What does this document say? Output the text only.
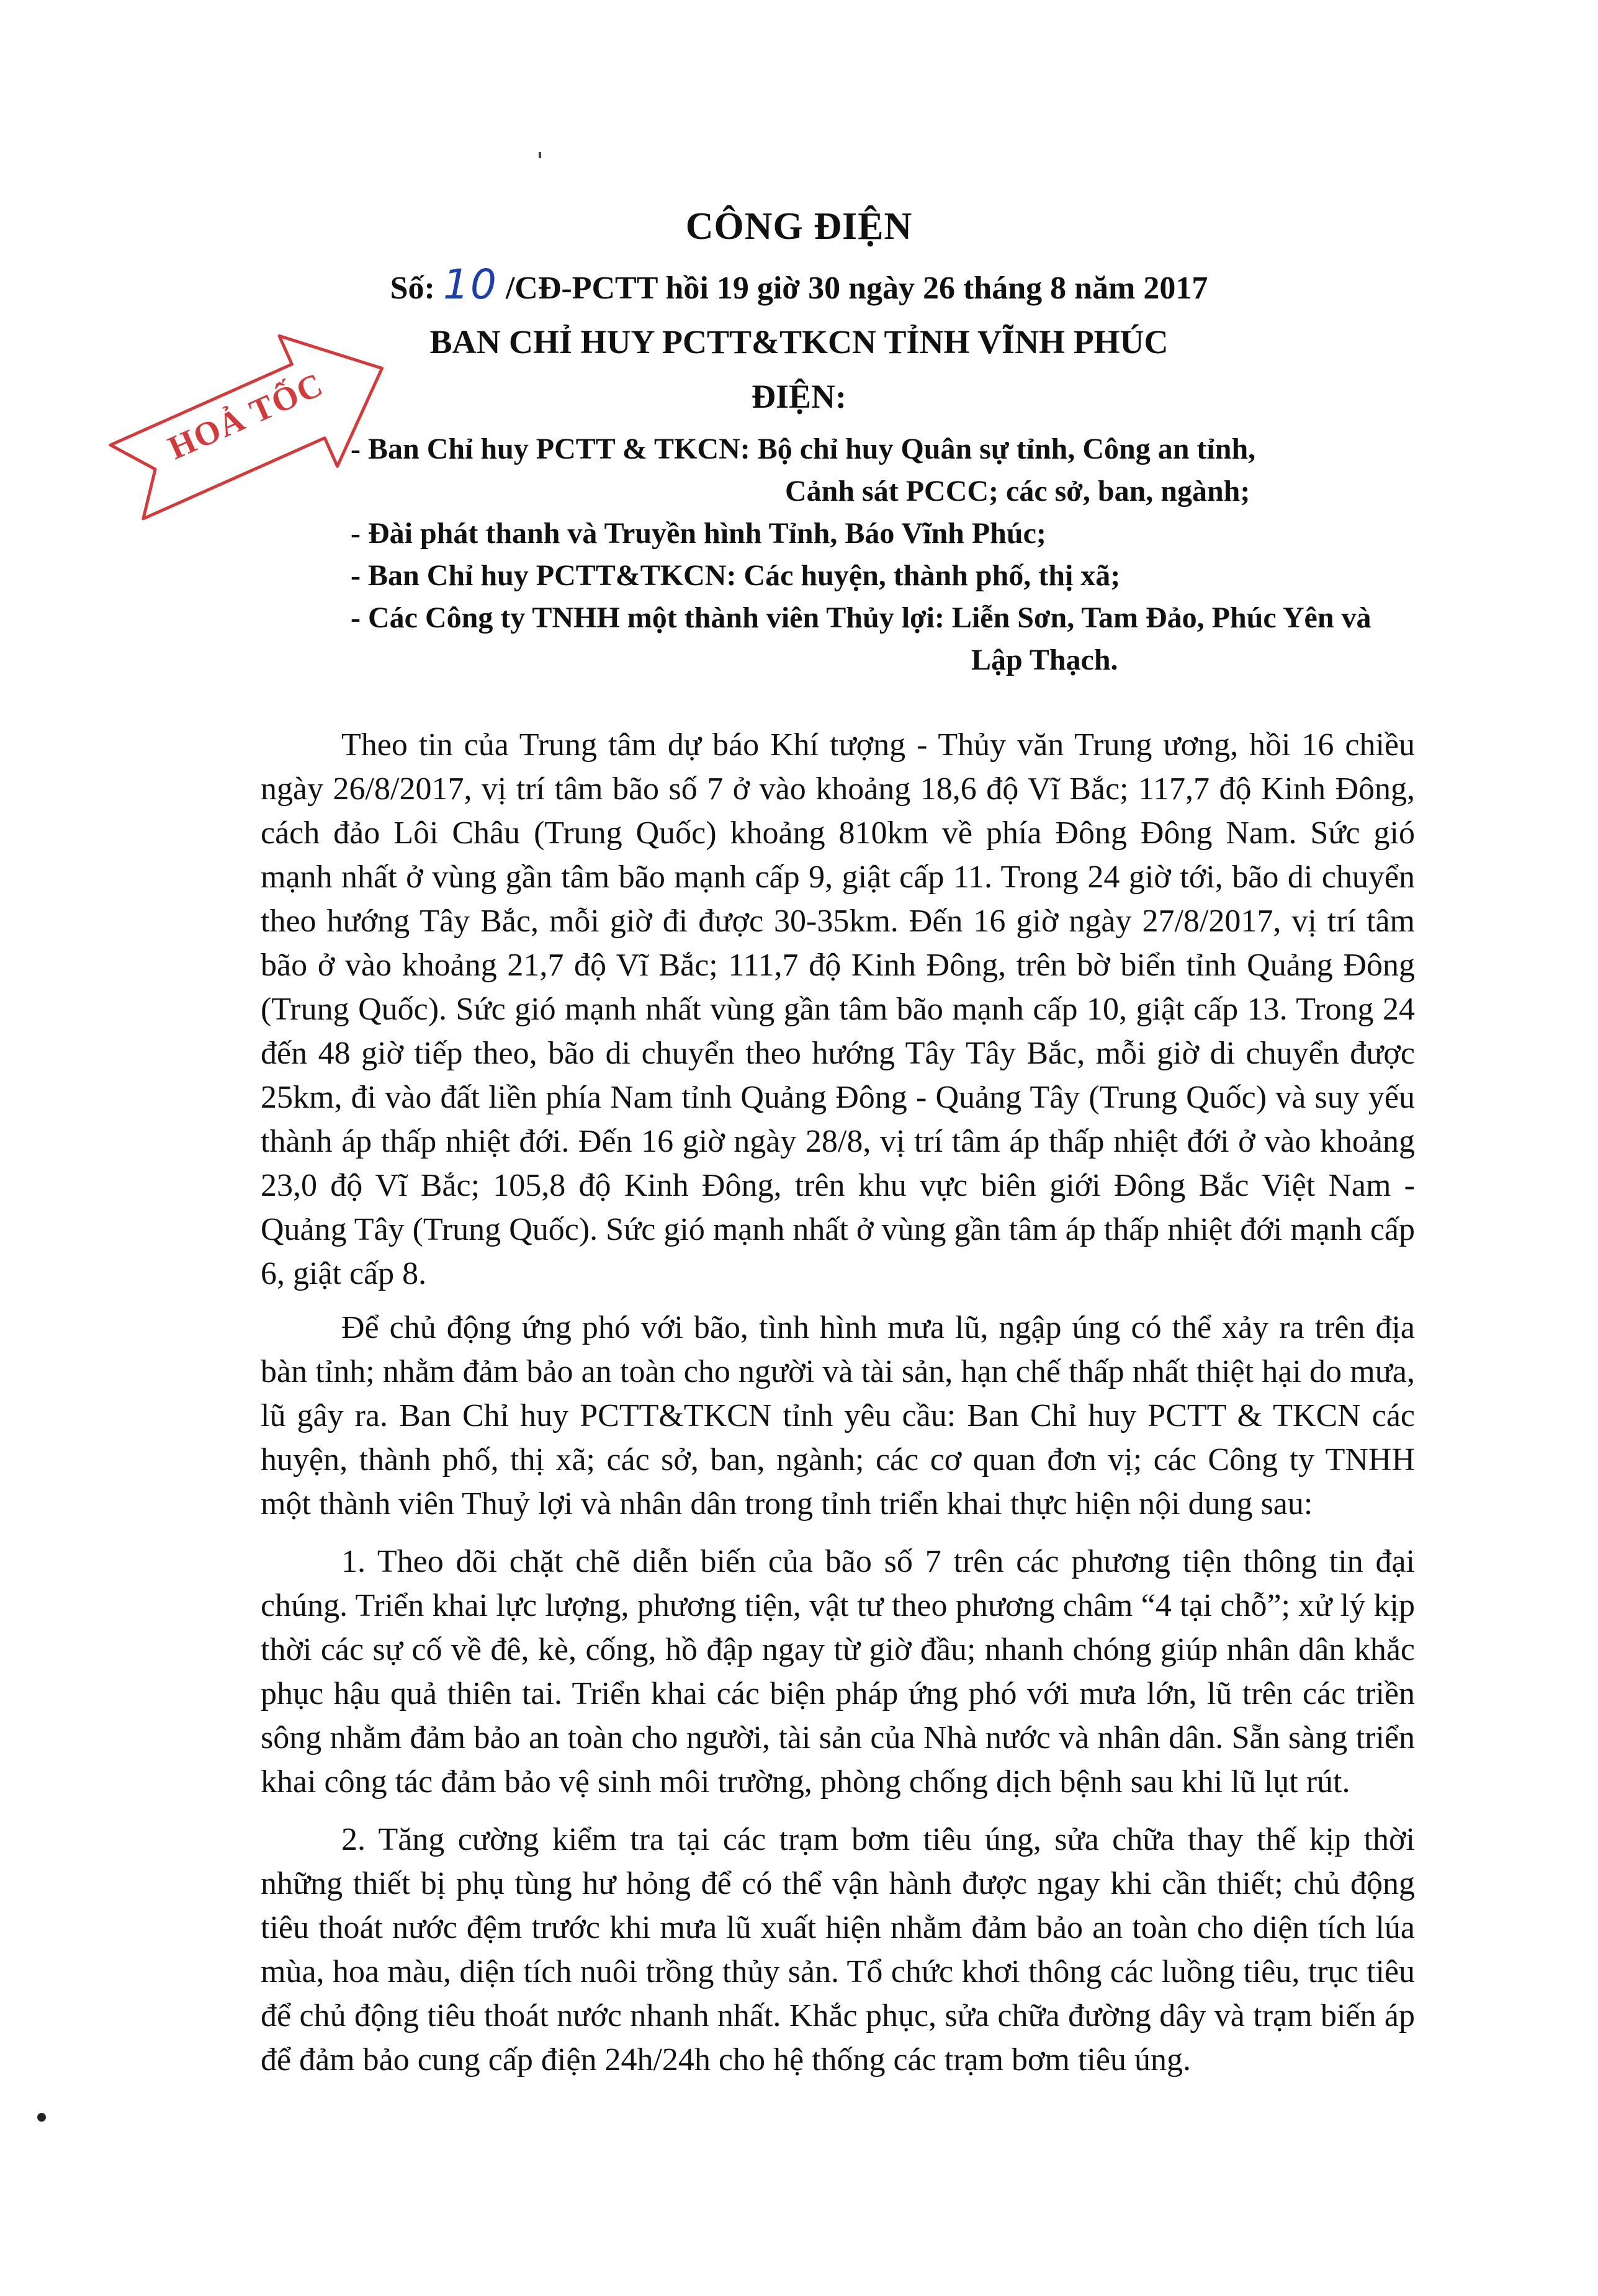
CÔNG ĐIỆN
Số: 10 /CĐ-PCTT hồi 19 giờ 30 ngày 26 tháng 8 năm 2017
BAN CHỈ HUY PCTT&TKCN TỈNH VĨNH PHÚC
ĐIỆN:
HOẢ TỐC - Ban Chỉ huy PCTT & TKCN: Bộ chỉ huy Quân sự tỉnh, Công an tỉnh,
Cảnh sát PCCC; các sở, ban, ngành;
- Đài phát thanh và Truyền hình Tỉnh, Báo Vĩnh Phúc;
- Ban Chỉ huy PCTT&TKCN: Các huyện, thành phố, thị xã;
- Các Công ty TNHH một thành viên Thủy lợi: Liễn Sơn, Tam Đảo, Phúc Yên và
Lập Thạch.

Theo tin của Trung tâm dự báo Khí tượng - Thủy văn Trung ương, hồi 16 chiều ngày 26/8/2017, vị trí tâm bão số 7 ở vào khoảng 18,6 độ Vĩ Bắc; 117,7 độ Kinh Đông, cách đảo Lôi Châu (Trung Quốc) khoảng 810km về phía Đông Đông Nam. Sức gió mạnh nhất ở vùng gần tâm bão mạnh cấp 9, giật cấp 11. Trong 24 giờ tới, bão di chuyển theo hướng Tây Bắc, mỗi giờ đi được 30-35km. Đến 16 giờ ngày 27/8/2017, vị trí tâm bão ở vào khoảng 21,7 độ Vĩ Bắc; 111,7 độ Kinh Đông, trên bờ biển tỉnh Quảng Đông (Trung Quốc). Sức gió mạnh nhất vùng gần tâm bão mạnh cấp 10, giật cấp 13. Trong 24 đến 48 giờ tiếp theo, bão di chuyển theo hướng Tây Tây Bắc, mỗi giờ di chuyển được 25km, đi vào đất liền phía Nam tỉnh Quảng Đông - Quảng Tây (Trung Quốc) và suy yếu thành áp thấp nhiệt đới. Đến 16 giờ ngày 28/8, vị trí tâm áp thấp nhiệt đới ở vào khoảng 23,0 độ Vĩ Bắc; 105,8 độ Kinh Đông, trên khu vực biên giới Đông Bắc Việt Nam - Quảng Tây (Trung Quốc). Sức gió mạnh nhất ở vùng gần tâm áp thấp nhiệt đới mạnh cấp 6, giật cấp 8.

Để chủ động ứng phó với bão, tình hình mưa lũ, ngập úng có thể xảy ra trên địa bàn tỉnh; nhằm đảm bảo an toàn cho người và tài sản, hạn chế thấp nhất thiệt hại do mưa, lũ gây ra. Ban Chỉ huy PCTT&TKCN tỉnh yêu cầu: Ban Chỉ huy PCTT & TKCN các huyện, thành phố, thị xã; các sở, ban, ngành; các cơ quan đơn vị; các Công ty TNHH một thành viên Thuỷ lợi và nhân dân trong tỉnh triển khai thực hiện nội dung sau:

1. Theo dõi chặt chẽ diễn biến của bão số 7 trên các phương tiện thông tin đại chúng. Triển khai lực lượng, phương tiện, vật tư theo phương châm “4 tại chỗ”; xử lý kịp thời các sự cố về đê, kè, cống, hồ đập ngay từ giờ đầu; nhanh chóng giúp nhân dân khắc phục hậu quả thiên tai. Triển khai các biện pháp ứng phó với mưa lớn, lũ trên các triền sông nhằm đảm bảo an toàn cho người, tài sản của Nhà nước và nhân dân. Sẵn sàng triển khai công tác đảm bảo vệ sinh môi trường, phòng chống dịch bệnh sau khi lũ lụt rút.

2. Tăng cường kiểm tra tại các trạm bơm tiêu úng, sửa chữa thay thế kịp thời những thiết bị phụ tùng hư hỏng để có thể vận hành được ngay khi cần thiết; chủ động tiêu thoát nước đệm trước khi mưa lũ xuất hiện nhằm đảm bảo an toàn cho diện tích lúa mùa, hoa màu, diện tích nuôi trồng thủy sản. Tổ chức khơi thông các luồng tiêu, trục tiêu để chủ động tiêu thoát nước nhanh nhất. Khắc phục, sửa chữa đường dây và trạm biến áp để đảm bảo cung cấp điện 24h/24h cho hệ thống các trạm bơm tiêu úng.
